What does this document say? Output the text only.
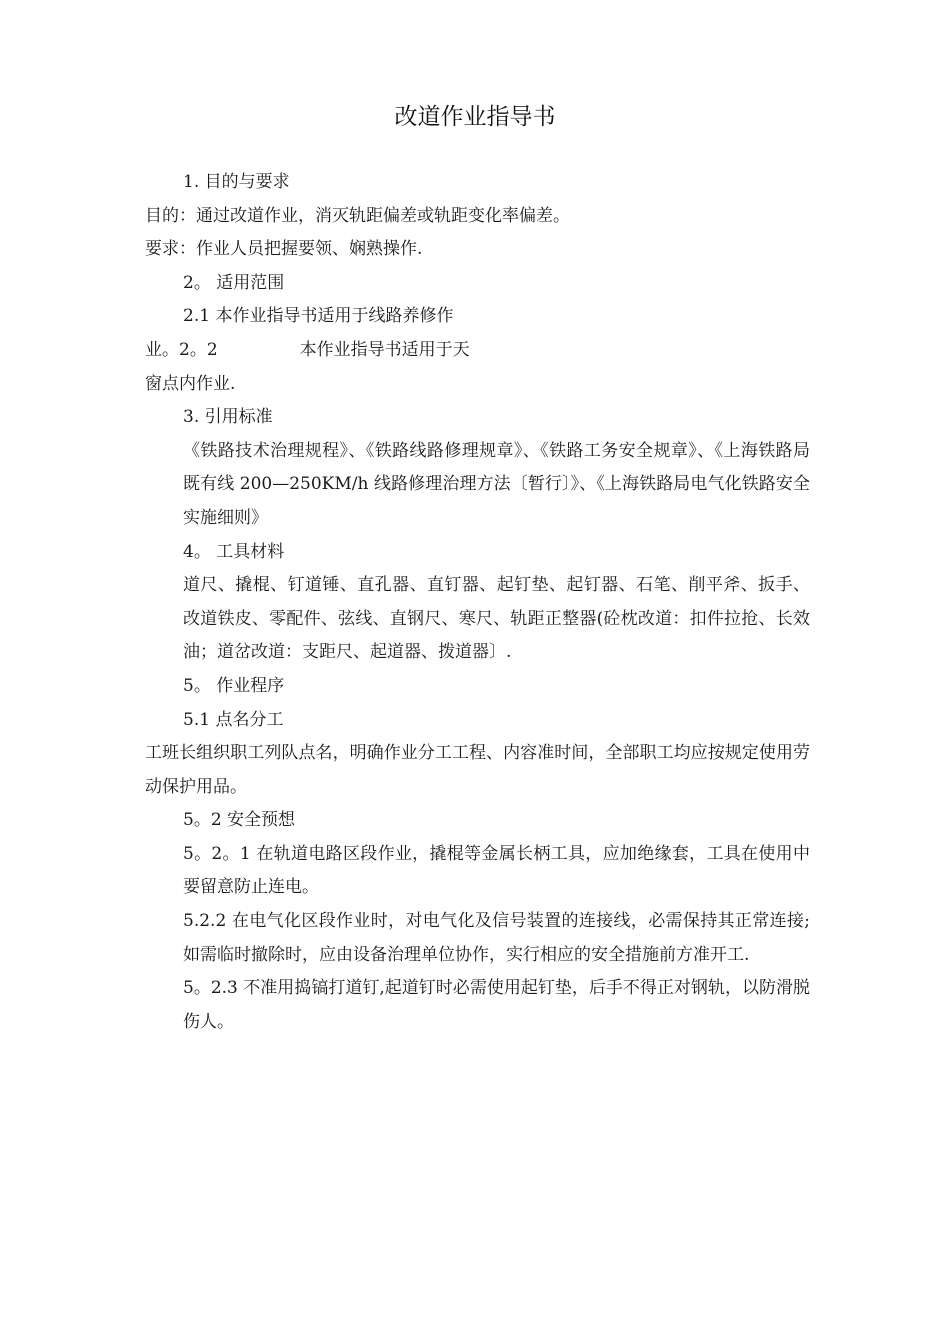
改道作业指导书

1. 目的与要求

目的：通过改道作业，消灭轨距偏差或轨距变化率偏差。

要求：作业人员把握要领、娴熟操作.

2。 适用范围

2.1 本作业指导书适用于线路养修作

业。2。2	本作业指导书适用于天

窗点内作业.

3. 引用标准

《铁路技术治理规程》、《铁路线路修理规章》、《铁路工务安全规章》、《上海铁路局既有线 200—250KM/h 线路修理治理方法〔暂行〕》、《上海铁路局电气化铁路安全实施细则》

4。 工具材料

道尺、撬棍、钉道锤、直孔器、直钉器、起钉垫、起钉器、石笔、削平斧、扳手、改道铁皮、零配件、弦线、直钢尺、寒尺、轨距正整器(砼枕改道：扣件拉抢、长效油；道岔改道：支距尺、起道器、拨道器〕.

5。 作业程序

5.1 点名分工

工班长组织职工列队点名，明确作业分工工程、内容准时间，全部职工均应按规定使用劳动保护用品。

5。2 安全预想

5。2。1 在轨道电路区段作业，撬棍等金属长柄工具，应加绝缘套，工具在使用中要留意防止连电。

5.2.2 在电气化区段作业时，对电气化及信号装置的连接线，必需保持其正常连接;如需临时撤除时，应由设备治理单位协作，实行相应的安全措施前方准开工.

5。2.3 不准用捣镐打道钉,起道钉时必需使用起钉垫，后手不得正对钢轨，以防滑脱伤人。
